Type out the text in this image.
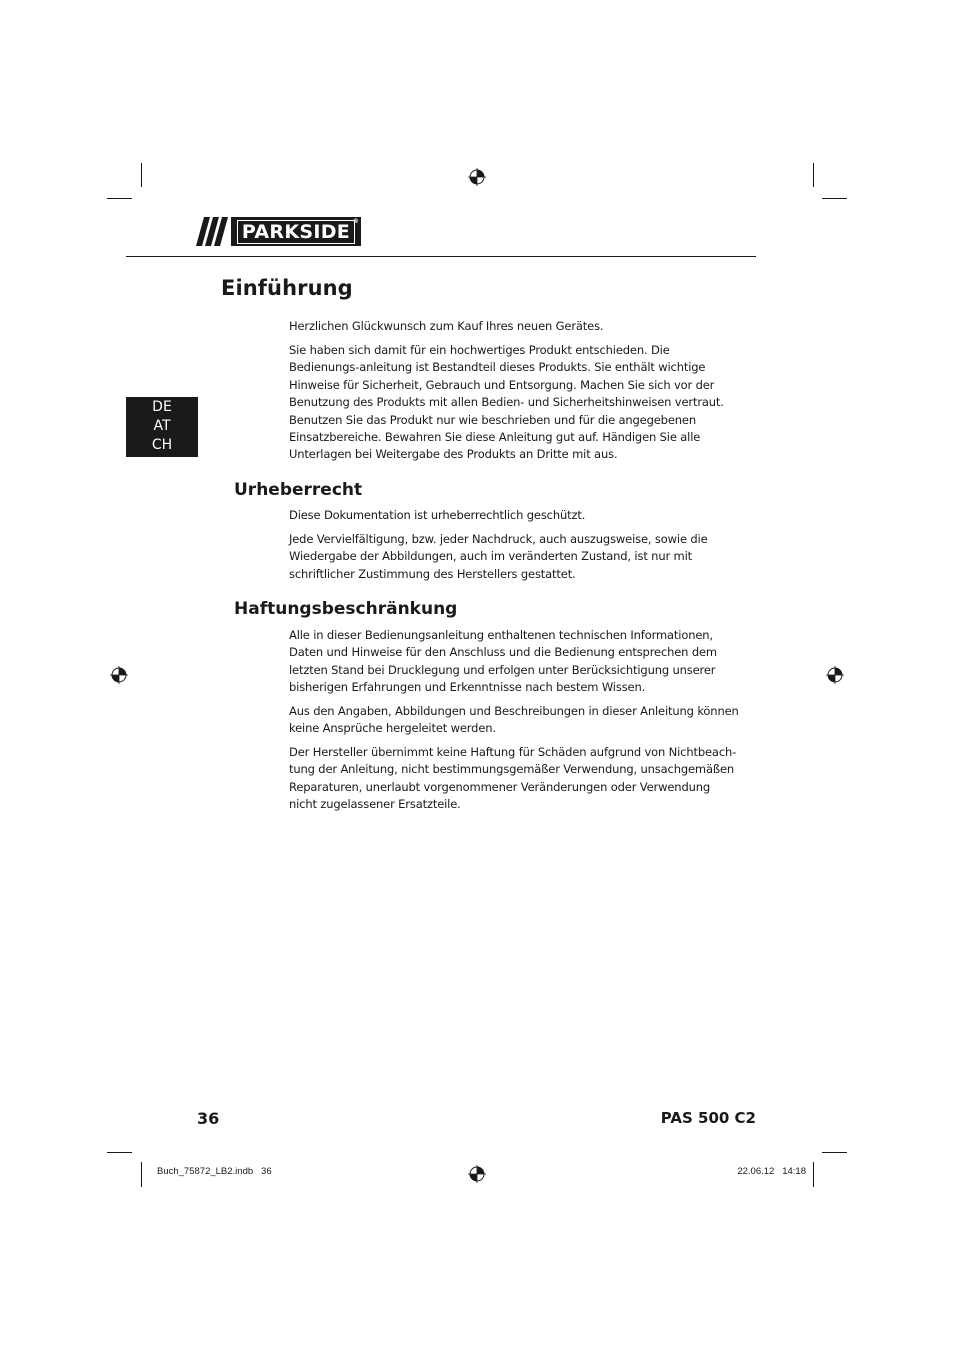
PARKSIDE ®
DE
AT
CH
Einführung

Herzlichen Glückwunsch zum Kauf Ihres neuen Gerätes.

Sie haben sich damit für ein hochwertiges Produkt entschieden. Die Bedienungs-anleitung ist Bestandteil dieses Produkts. Sie enthält wichtige Hinweise für Sicherheit, Gebrauch und Entsorgung. Machen Sie sich vor der Benutzung des Produkts mit allen Bedien- und Sicherheitshinweisen vertraut. Benutzen Sie das Produkt nur wie beschrieben und für die angegebenen Einsatzbereiche. Bewahren Sie diese Anleitung gut auf. Händigen Sie alle Unterlagen bei Weitergabe des Produkts an Dritte mit aus.

Urheberrecht

Diese Dokumentation ist urheberrechtlich geschützt.

Jede Vervielfältigung, bzw. jeder Nachdruck, auch auszugsweise, sowie die Wiedergabe der Abbildungen, auch im veränderten Zustand, ist nur mit schriftlicher Zustimmung des Herstellers gestattet.

Haftungsbeschränkung

Alle in dieser Bedienungsanleitung enthaltenen technischen Informationen, Daten und Hinweise für den Anschluss und die Bedienung entsprechen dem letzten Stand bei Drucklegung und erfolgen unter Berücksichtigung unserer bisherigen Erfahrungen und Erkenntnisse nach bestem Wissen.

Aus den Angaben, Abbildungen und Beschreibungen in dieser Anleitung können keine Ansprüche hergeleitet werden.

Der Hersteller übernimmt keine Haftung für Schäden aufgrund von Nichtbeach-tung der Anleitung, nicht bestimmungsgemäßer Verwendung, unsachgemäßen Reparaturen, unerlaubt vorgenommener Veränderungen oder Verwendung nicht zugelassener Ersatzteile.

36	PAS 500 C2
Buch_75872_LB2.indb   36	22.06.12   14:18
